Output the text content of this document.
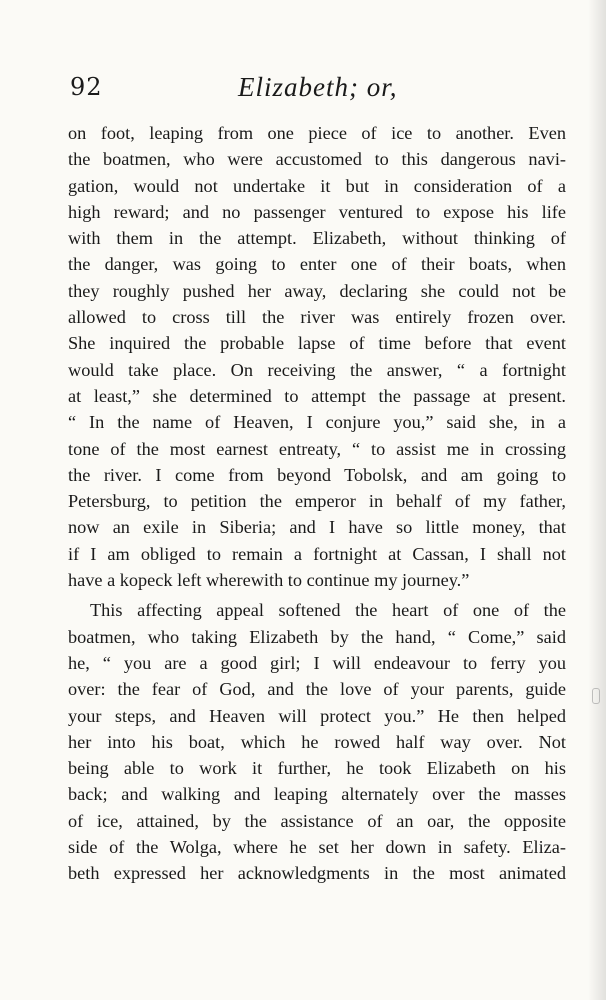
92	Elizabeth; or,
on foot, leaping from one piece of ice to another. Even
the boatmen, who were accustomed to this dangerous navi-
gation, would not undertake it but in consideration of a
high reward; and no passenger ventured to expose his life
with them in the attempt. Elizabeth, without thinking of
the danger, was going to enter one of their boats, when
they roughly pushed her away, declaring she could not be
allowed to cross till the river was entirely frozen over.
She inquired the probable lapse of time before that event
would take place. On receiving the answer, “ a fortnight
at least,” she determined to attempt the passage at present.
“ In the name of Heaven, I conjure you,” said she, in a
tone of the most earnest entreaty, “ to assist me in crossing
the river. I come from beyond Tobolsk, and am going to
Petersburg, to petition the emperor in behalf of my father,
now an exile in Siberia; and I have so little money, that
if I am obliged to remain a fortnight at Cassan, I shall not
have a kopeck left wherewith to continue my journey.”
This affecting appeal softened the heart of one of the
boatmen, who taking Elizabeth by the hand, “ Come,” said
he, “ you are a good girl; I will endeavour to ferry you
over: the fear of God, and the love of your parents, guide
your steps, and Heaven will protect you.” He then helped
her into his boat, which he rowed half way over. Not
being able to work it further, he took Elizabeth on his
back; and walking and leaping alternately over the masses
of ice, attained, by the assistance of an oar, the opposite
side of the Wolga, where he set her down in safety. Eliza-
beth expressed her acknowledgments in the most animated
